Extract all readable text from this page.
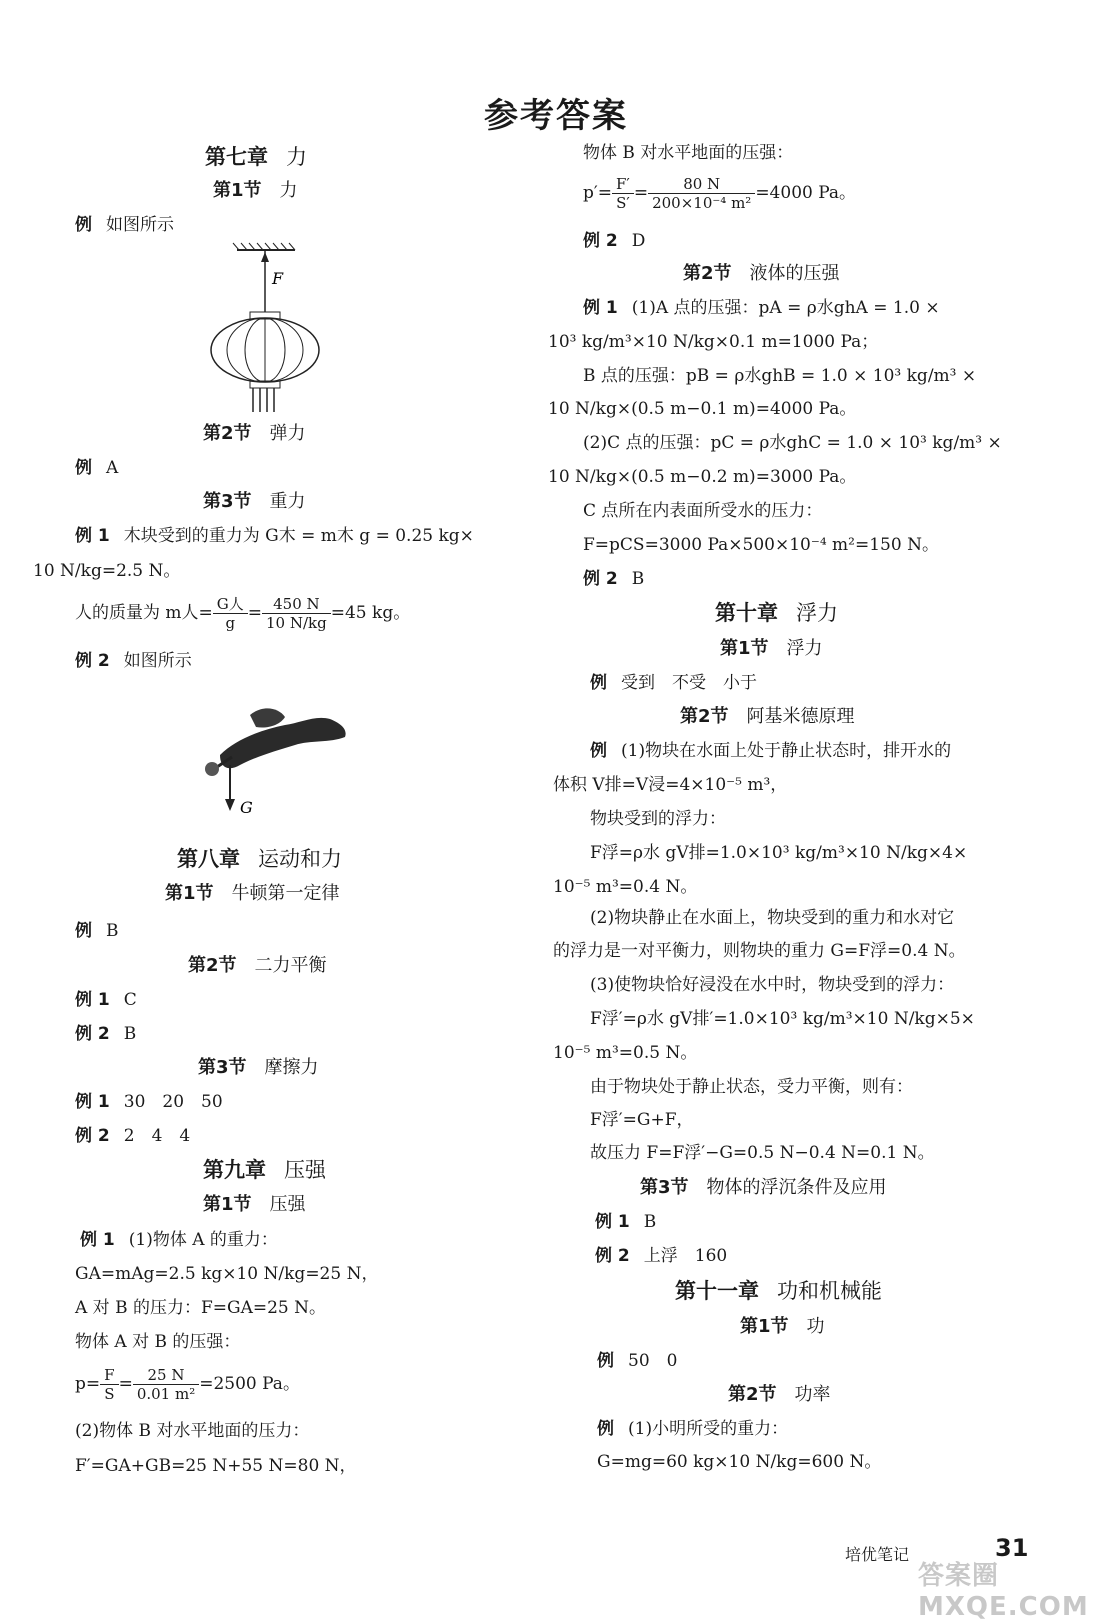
参考答案
第七章 力
第1节 力
例 如图所示
F
第2节 弹力
例 A
第3节 重力
例 1 木块受到的重力为 G木 = m木 g = 0.25 kg×
10 N/kg=2.5 N。
人的质量为 m人= $\frac{\text{G人}}{g} = \frac{450 N}{10 N/kg} =45$ kg。
例 2 如图所示
G
第八章 运动和力
第1节 牛顿第一定律
例 B
第2节 二力平衡
例 1 C
例 2 B
第3节 摩擦力
例 1 30　20　50
例 2 2　4　4
第九章 压强
第1节 压强
例 1 (1)物体 A 的重力：
GA=mAg=2.5 kg×10 N/kg=25 N，
A 对 B 的压力：F=GA=25 N。
物体 A 对 B 的压强：
$p= \frac{F}{S} = \frac{25 N}{\text{0.01 m²}} =2500$ Pa。
(2)物体 B 对水平地面的压力：
F′=GA+GB=25 N+55 N=80 N，
物体 B 对水平地面的压强：
$p'= \frac{F'}{S'} = \frac{80 N}{\text{200×10⁻⁴ m²}} =4000$ Pa。
例 2 D
第2节 液体的压强
例 1 (1)A 点的压强：pA = ρ水ghA = 1.0 ×
10³ kg/m³×10 N/kg×0.1 m=1000 Pa；
B 点的压强：pB = ρ水ghB = 1.0 × 10³ kg/m³ ×
10 N/kg×(0.5 m−0.1 m)=4000 Pa。
(2)C 点的压强：pC = ρ水ghC = 1.0 × 10³ kg/m³ ×
10 N/kg×(0.5 m−0.2 m)=3000 Pa。
C 点所在内表面所受水的压力：
F=pCS=3000 Pa×500×10⁻⁴ m²=150 N。
例 2 B
第十章 浮力
第1节 浮力
例 受到　不受　小于
第2节 阿基米德原理
例 (1)物块在水面上处于静止状态时，排开水的
体积 V排=V浸=4×10⁻⁵ m³，
物块受到的浮力：
F浮=ρ水 gV排=1.0×10³ kg/m³×10 N/kg×4×
10⁻⁵ m³=0.4 N。
(2)物块静止在水面上，物块受到的重力和水对它
的浮力是一对平衡力，则物块的重力 G=F浮=0.4 N。
(3)使物块恰好浸没在水中时，物块受到的浮力：
F浮′=ρ水 gV排′=1.0×10³ kg/m³×10 N/kg×5×
10⁻⁵ m³=0.5 N。
由于物块处于静止状态，受力平衡，则有：
F浮′=G+F，
故压力 F=F浮′−G=0.5 N−0.4 N=0.1 N。
第3节 物体的浮沉条件及应用
例 1 B
例 2 上浮　160
第十一章 功和机械能
第1节 功
例 50　0
第2节 功率
例 (1)小明所受的重力：
G=mg=60 kg×10 N/kg=600 N。
培优笔记	31
答案圈 MXQE.COM
